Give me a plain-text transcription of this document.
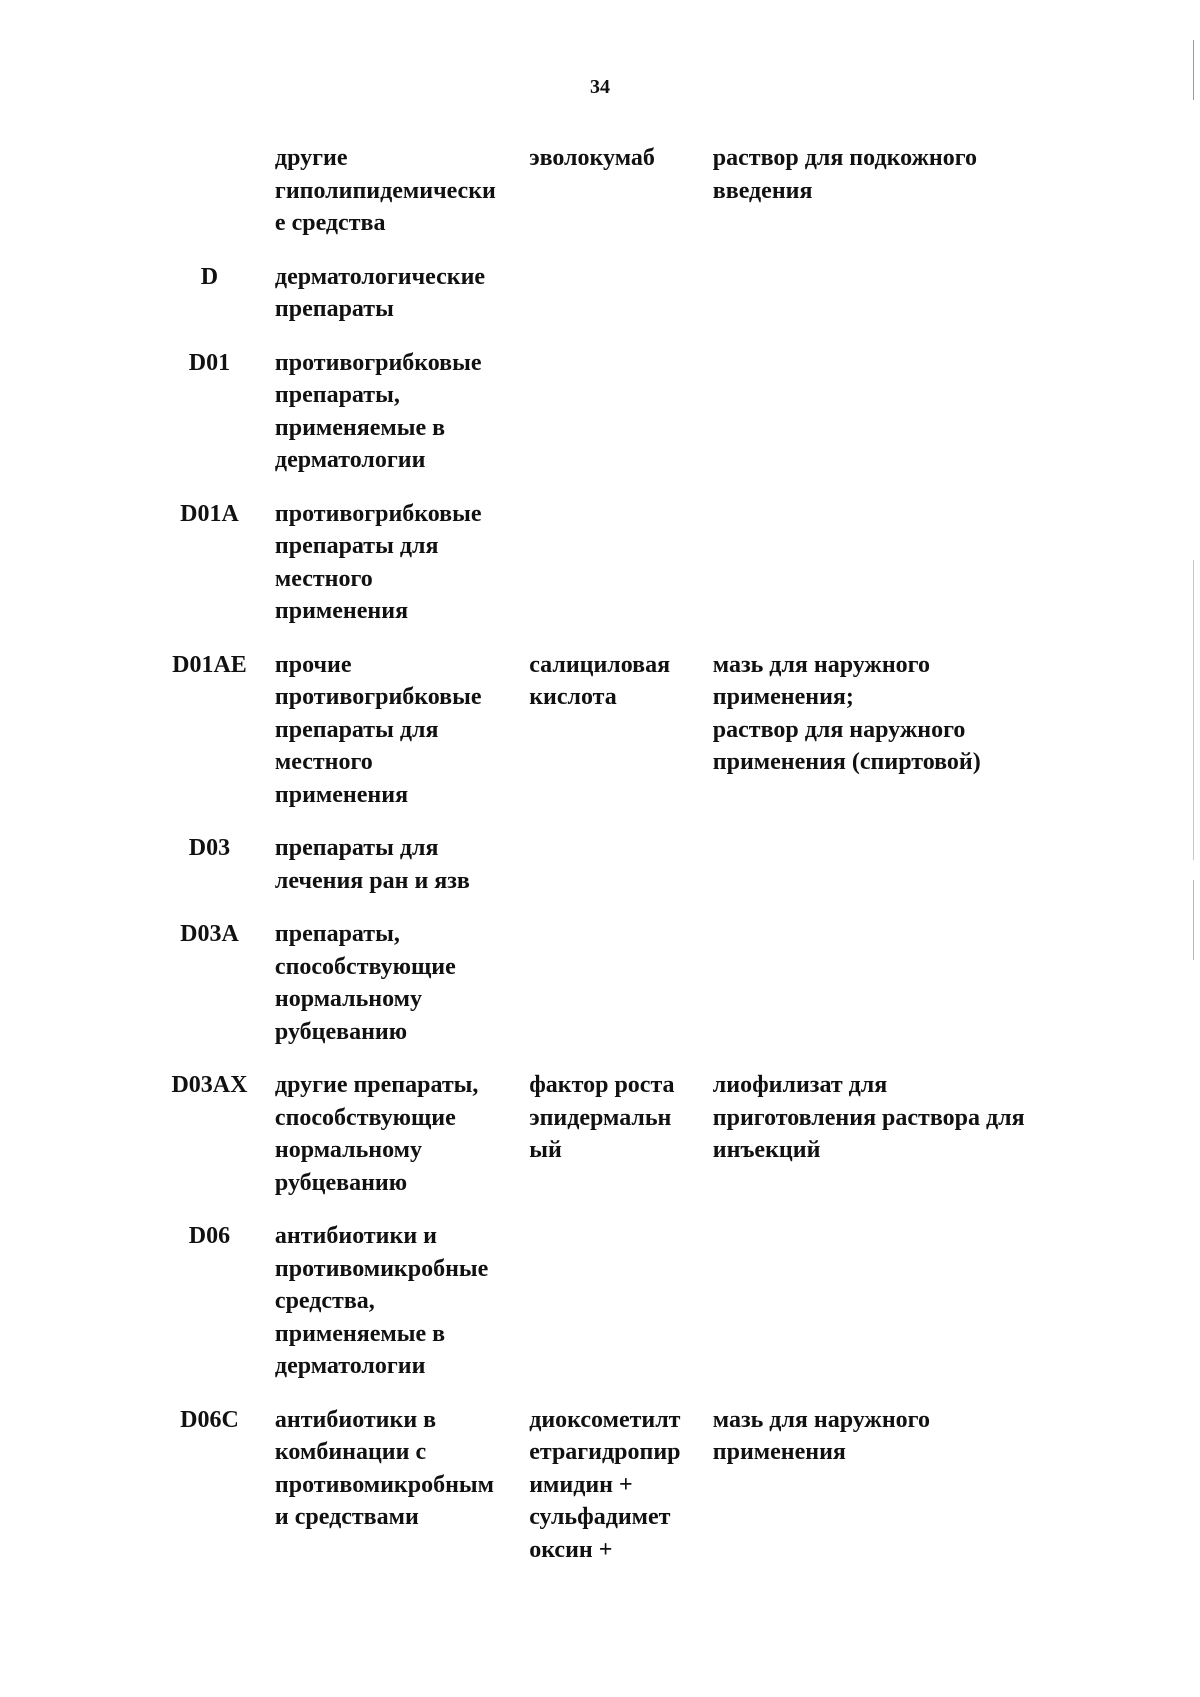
34

	другие
гиполипидемически
е средства	эволокумаб	раствор для подкожного
введения

D	дерматологические
препараты		

D01	противогрибковые
препараты,
применяемые в
дерматологии		

D01A	противогрибковые
препараты для
местного
применения		

D01AE	прочие
противогрибковые
препараты для
местного
применения	салициловая
кислота	мазь для наружного
применения;
раствор для наружного
применения (спиртовой)

D03	препараты для
лечения ран и язв		

D03A	препараты,
способствующие
нормальному
рубцеванию		

D03AX	другие препараты,
способствующие
нормальному
рубцеванию	фактор роста
эпидермальн
ый	лиофилизат для
приготовления раствора для
инъекций

D06	антибиотики и
противомикробные
средства,
применяемые в
дерматологии		

D06C	антибиотики в
комбинации с
противомикробным
и средствами	диоксометилт
етрагидропир
имидин +
сульфадимет
оксин +	мазь для наружного
применения
